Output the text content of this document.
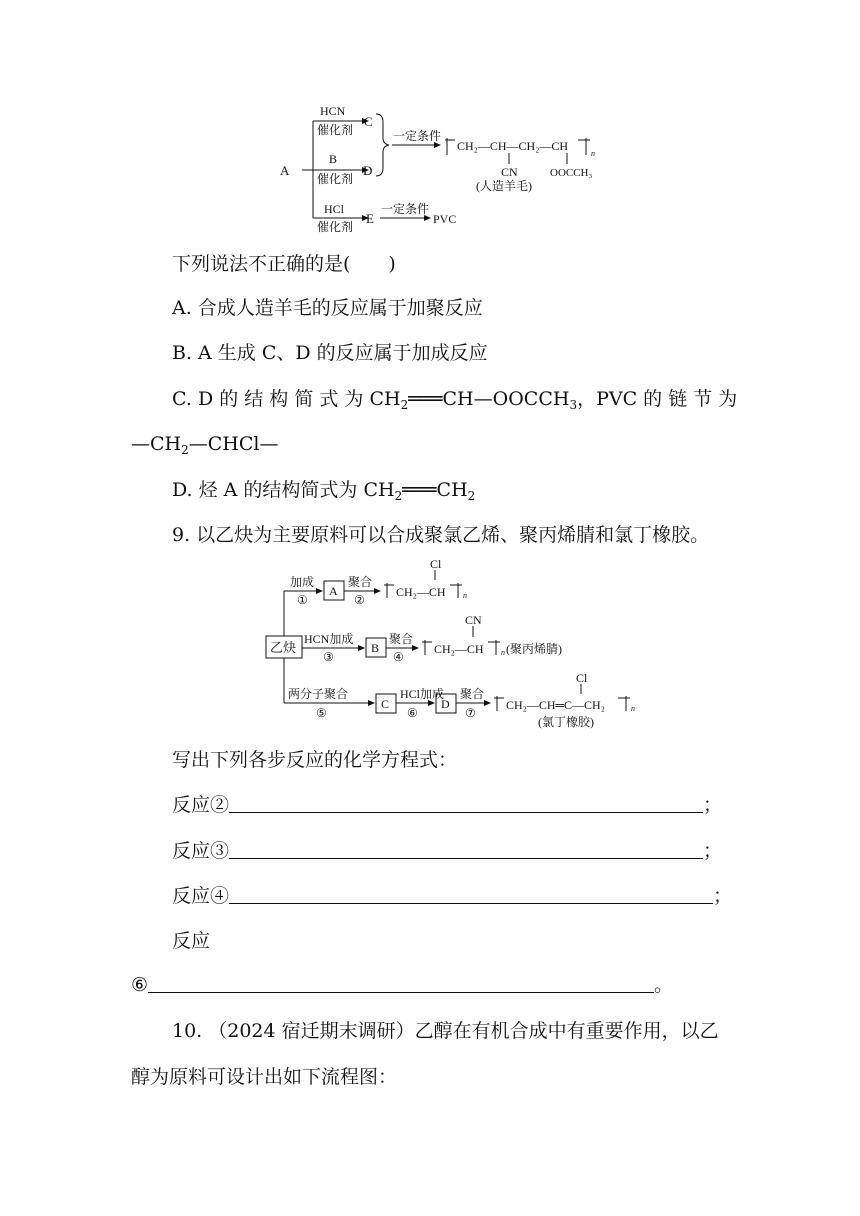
A
HCN
催化剂
C
B
催化剂
D
HCl
催化剂
E
一定条件
一定条件
PVC
CH₂—CH—CH₂—CH
n
CN	OOCCH₃
(人造羊毛)
下列说法不正确的是(　　)
A. 合成人造羊毛的反应属于加聚反应
B. A 生成 C、D 的反应属于加成反应
C. D 的 结 构 简 式 为 $CH_2═══CH—OOCCH_3$ ，PVC 的 链 节 为
$—CH_2—CHCl—$
D. 烃 A 的结构简式为 $CH_2═══CH_2$
9. 以乙炔为主要原料可以合成聚氯乙烯、聚丙烯腈和氯丁橡胶。
乙炔
加成
①
A
聚合
②
HCN加成
③
B
聚合
④
两分子聚合
⑤
C
HCl加成
⑥
D
聚合
⑦
CH₂—CH
Cl
n
CH₂—CH
CN
n (聚丙烯腈)
CH₂—CH═C—CH₂
Cl
n
(氯丁橡胶)
写出下列各步反应的化学方程式：
反应②	；
反应③	；
反应④	；
反应
⑥	。
10. （2024 宿迁期末调研）乙醇在有机合成中有重要作用，以乙
醇为原料可设计出如下流程图：
